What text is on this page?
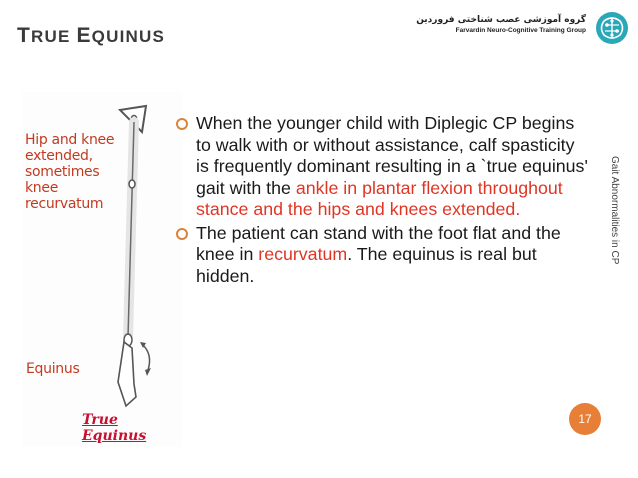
TRUE EQUINUS
گروه آموزشی عصب شناختی فروردین
Farvardin Neuro-Cognitive Training Group
Hip and knee
extended,
sometimes
knee
recurvatum
Equinus
True Equinus
When the younger child with Diplegic CP begins to walk with or without assistance, calf spasticity is frequently dominant resulting in a `true equinus' gait with the ankle in plantar flexion throughout stance and the hips and knees extended.
The patient can stand with the foot flat and the knee in recurvatum. The equinus is real but hidden.
Gait Abnormalities in CP
17
